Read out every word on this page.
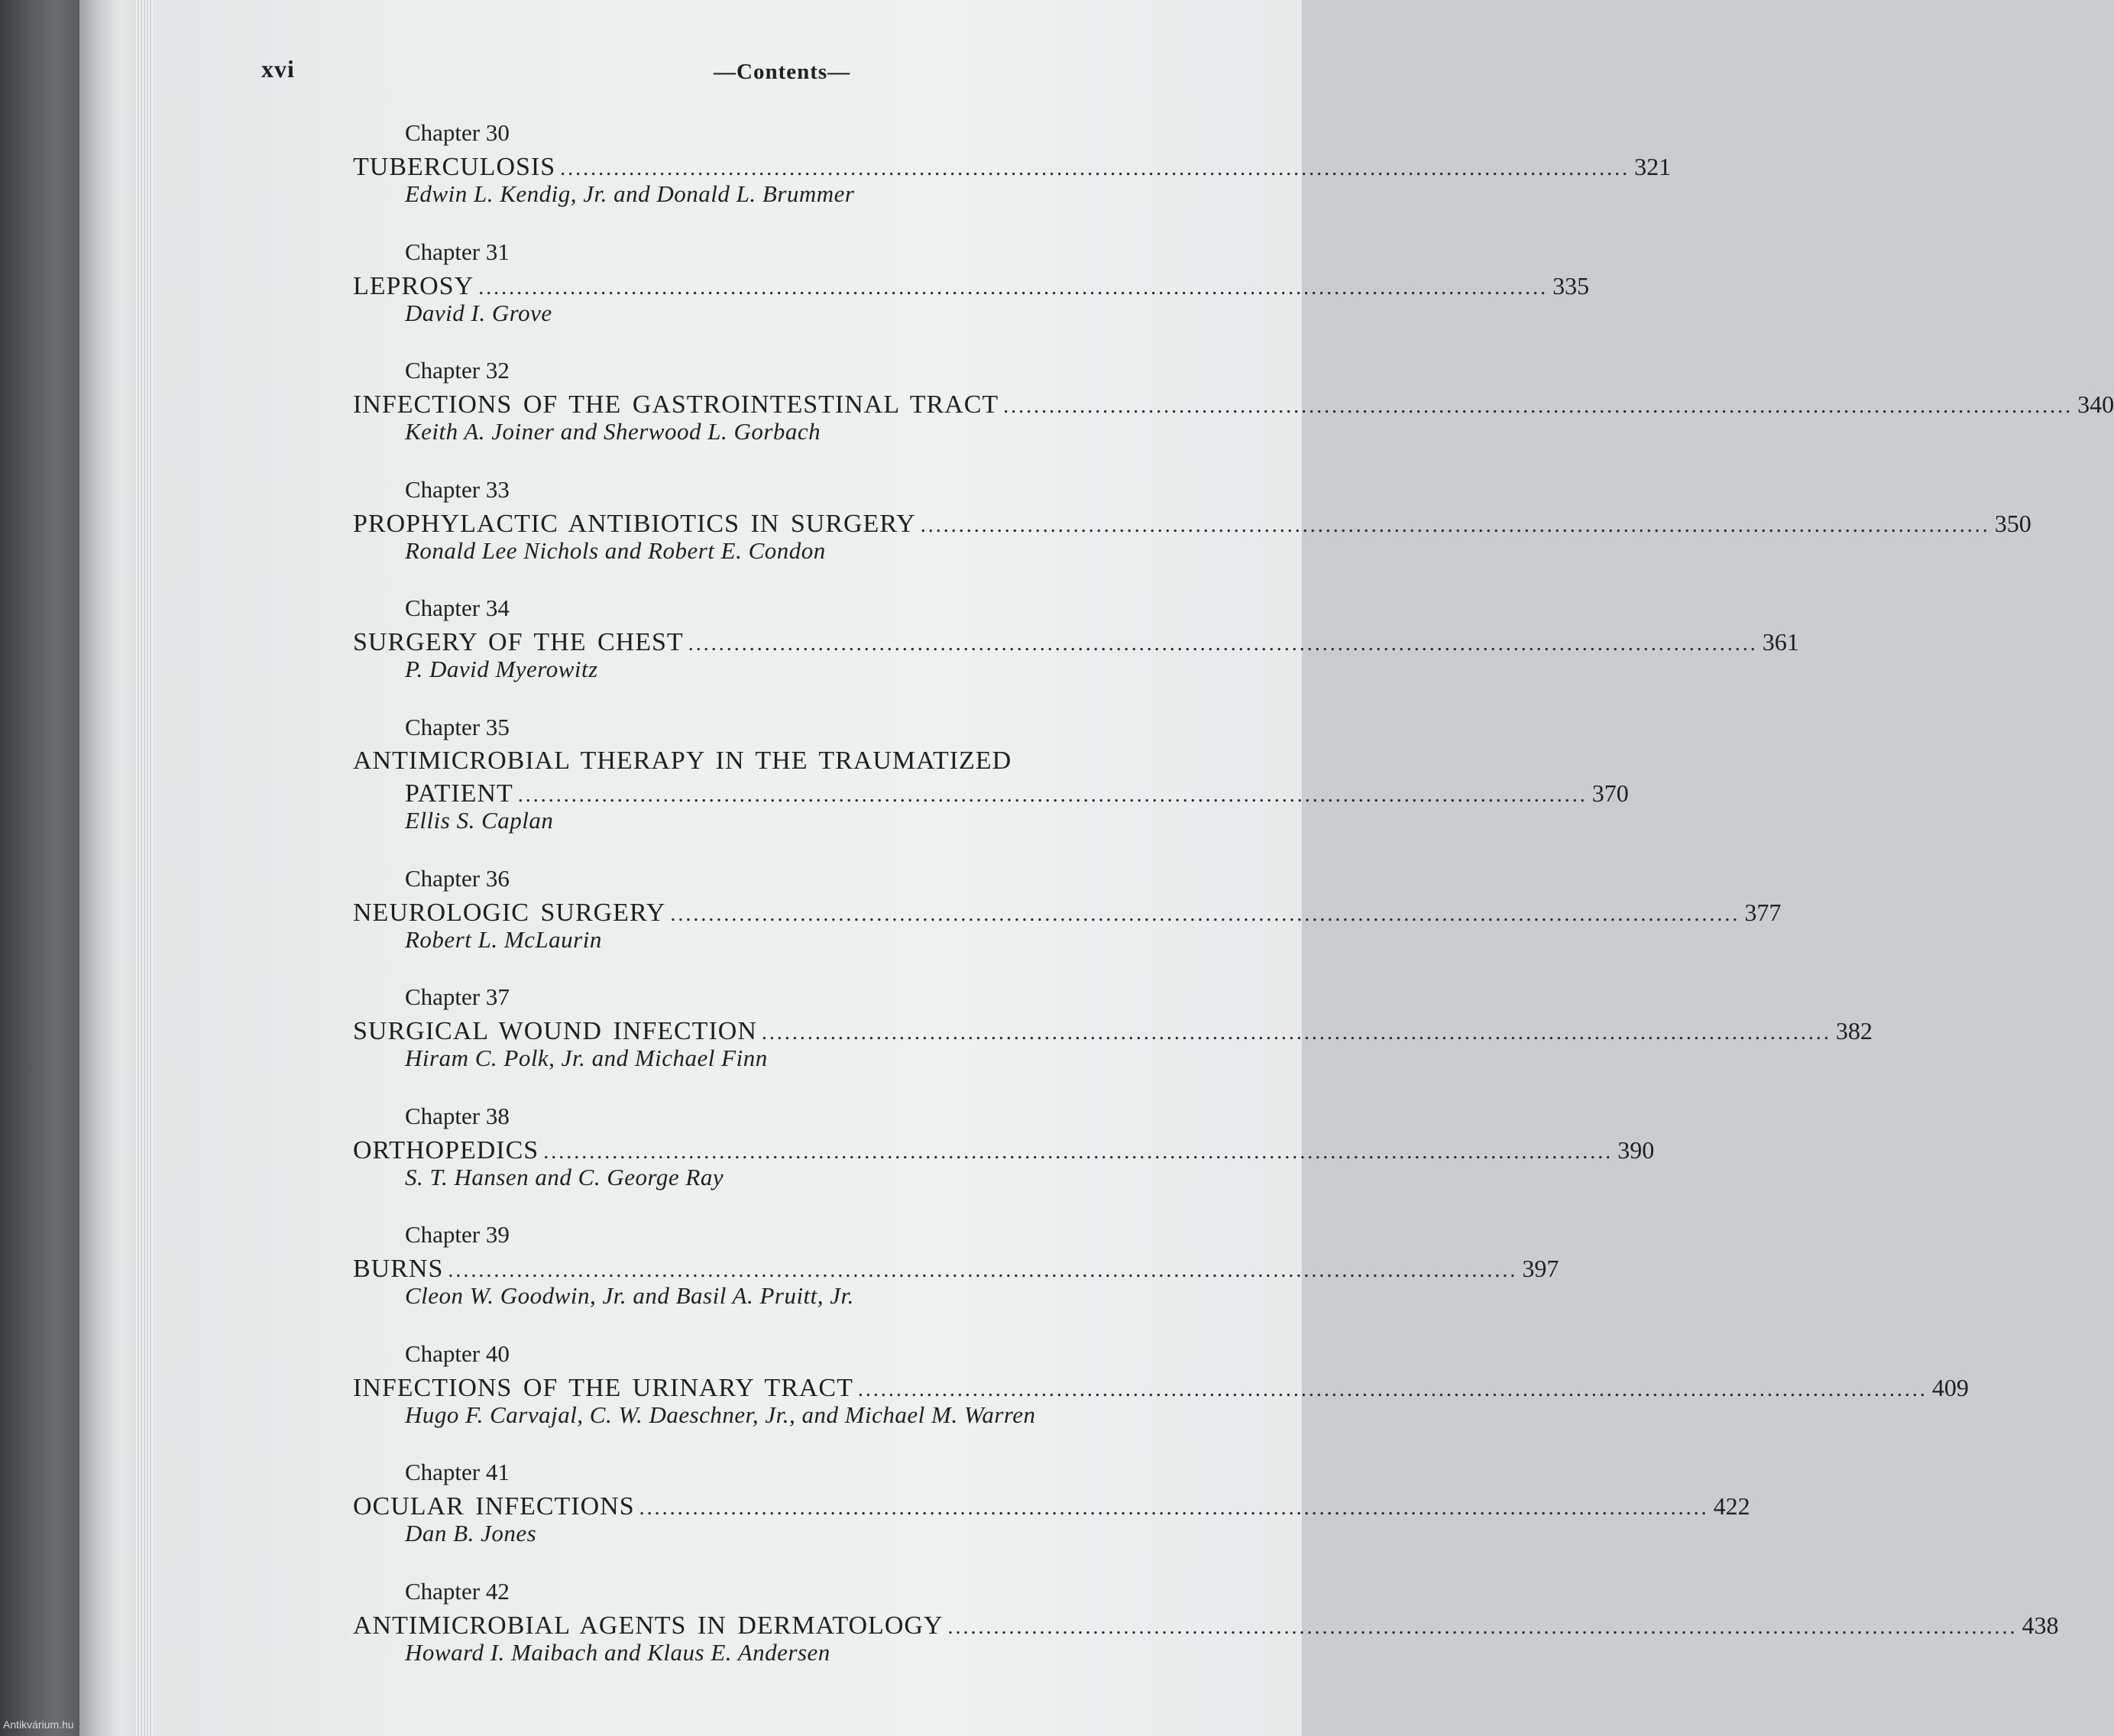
Antikvárium.hu
xvi	—Contents—
Chapter 30
TUBERCULOSIS ............................................................................................................................................ 321
Edwin L. Kendig, Jr. and Donald L. Brummer
Chapter 31
LEPROSY ............................................................................................................................................ 335
David I. Grove
Chapter 32
INFECTIONS OF THE GASTROINTESTINAL TRACT ............................................................................................................................................ 340
Keith A. Joiner and Sherwood L. Gorbach
Chapter 33
PROPHYLACTIC ANTIBIOTICS IN SURGERY ............................................................................................................................................ 350
Ronald Lee Nichols and Robert E. Condon
Chapter 34
SURGERY OF THE CHEST ............................................................................................................................................ 361
P. David Myerowitz
Chapter 35
ANTIMICROBIAL THERAPY IN THE TRAUMATIZED
PATIENT ............................................................................................................................................ 370
Ellis S. Caplan
Chapter 36
NEUROLOGIC SURGERY ............................................................................................................................................ 377
Robert L. McLaurin
Chapter 37
SURGICAL WOUND INFECTION ............................................................................................................................................ 382
Hiram C. Polk, Jr. and Michael Finn
Chapter 38
ORTHOPEDICS ............................................................................................................................................ 390
S. T. Hansen and C. George Ray
Chapter 39
BURNS ............................................................................................................................................ 397
Cleon W. Goodwin, Jr. and Basil A. Pruitt, Jr.
Chapter 40
INFECTIONS OF THE URINARY TRACT ............................................................................................................................................ 409
Hugo F. Carvajal, C. W. Daeschner, Jr., and Michael M. Warren
Chapter 41
OCULAR INFECTIONS ............................................................................................................................................ 422
Dan B. Jones
Chapter 42
ANTIMICROBIAL AGENTS IN DERMATOLOGY ............................................................................................................................................ 438
Howard I. Maibach and Klaus E. Andersen
